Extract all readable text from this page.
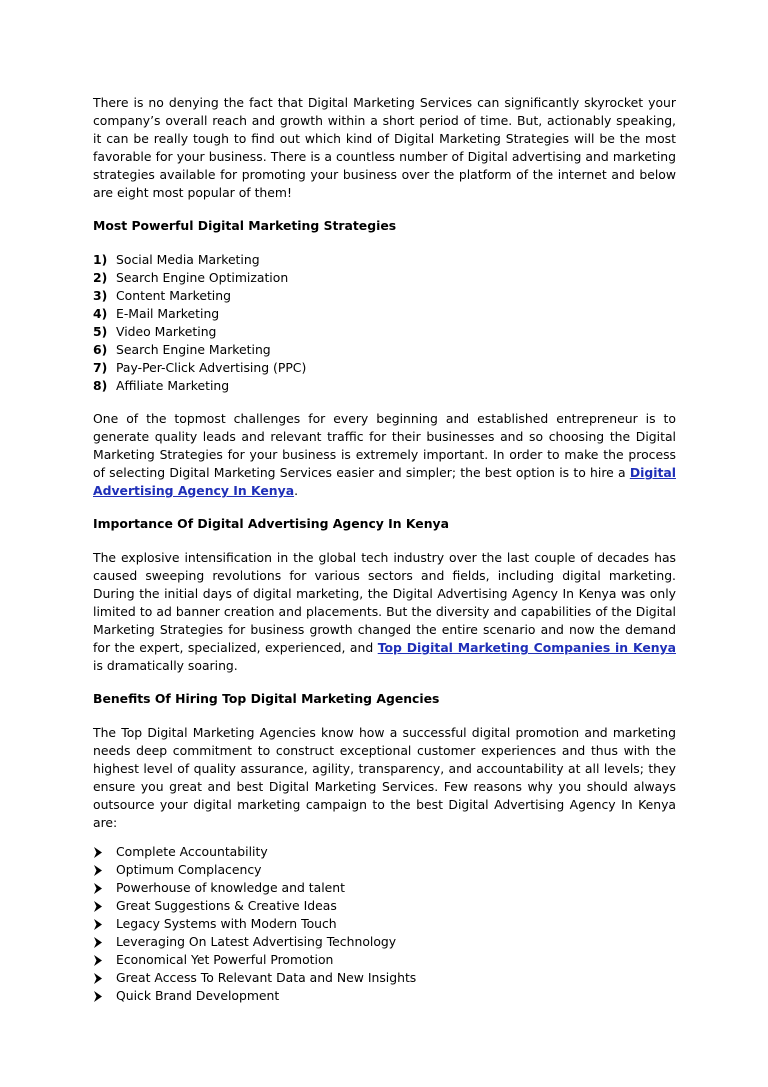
There is no denying the fact that Digital Marketing Services can significantly skyrocket your company’s overall reach and growth within a short period of time. But, actionably speaking, it can be really tough to find out which kind of Digital Marketing Strategies will be the most favorable for your business. There is a countless number of Digital advertising and marketing strategies available for promoting your business over the platform of the internet and below are eight most popular of them!

Most Powerful Digital Marketing Strategies
1) Social Media Marketing
2) Search Engine Optimization
3) Content Marketing
4) E-Mail Marketing
5) Video Marketing
6) Search Engine Marketing
7) Pay-Per-Click Advertising (PPC)
8) Affiliate Marketing

One of the topmost challenges for every beginning and established entrepreneur is to generate quality leads and relevant traffic for their businesses and so choosing the Digital Marketing Strategies for your business is extremely important. In order to make the process of selecting Digital Marketing Services easier and simpler; the best option is to hire a Digital Advertising Agency In Kenya.

Importance Of Digital Advertising Agency In Kenya

The explosive intensification in the global tech industry over the last couple of decades has caused sweeping revolutions for various sectors and fields, including digital marketing. During the initial days of digital marketing, the Digital Advertising Agency In Kenya was only limited to ad banner creation and placements. But the diversity and capabilities of the Digital Marketing Strategies for business growth changed the entire scenario and now the demand for the expert, specialized, experienced, and Top Digital Marketing Companies in Kenya is dramatically soaring.

Benefits Of Hiring Top Digital Marketing Agencies

The Top Digital Marketing Agencies know how a successful digital promotion and marketing needs deep commitment to construct exceptional customer experiences and thus with the highest level of quality assurance, agility, transparency, and accountability at all levels; they ensure you great and best Digital Marketing Services. Few reasons why you should always outsource your digital marketing campaign to the best Digital Advertising Agency In Kenya are:

Complete Accountability
Optimum Complacency
Powerhouse of knowledge and talent
Great Suggestions & Creative Ideas
Legacy Systems with Modern Touch
Leveraging On Latest Advertising Technology
Economical Yet Powerful Promotion
Great Access To Relevant Data and New Insights
Quick Brand Development
